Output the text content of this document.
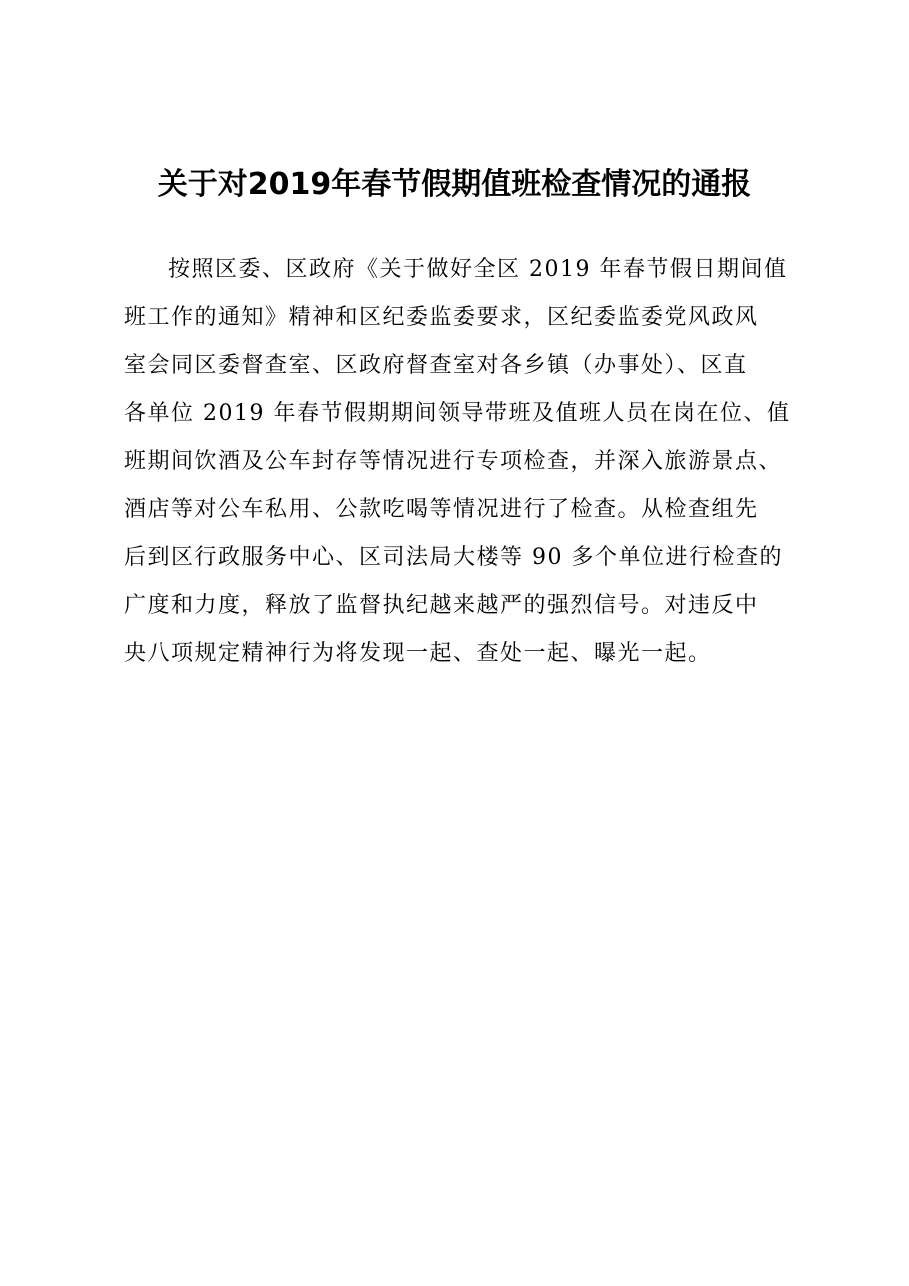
关于对2019年春节假期值班检查情况的通报
按照区委、区政府《关于做好全区 2019 年春节假日期间值
班工作的通知》精神和区纪委监委要求，区纪委监委党风政风
室会同区委督查室、区政府督查室对各乡镇（办事处）、区直
各单位 2019 年春节假期期间领导带班及值班人员在岗在位、值
班期间饮酒及公车封存等情况进行专项检查，并深入旅游景点、
酒店等对公车私用、公款吃喝等情况进行了检查。从检查组先
后到区行政服务中心、区司法局大楼等 90 多个单位进行检查的
广度和力度，释放了监督执纪越来越严的强烈信号。对违反中
央八项规定精神行为将发现一起、查处一起、曝光一起。
